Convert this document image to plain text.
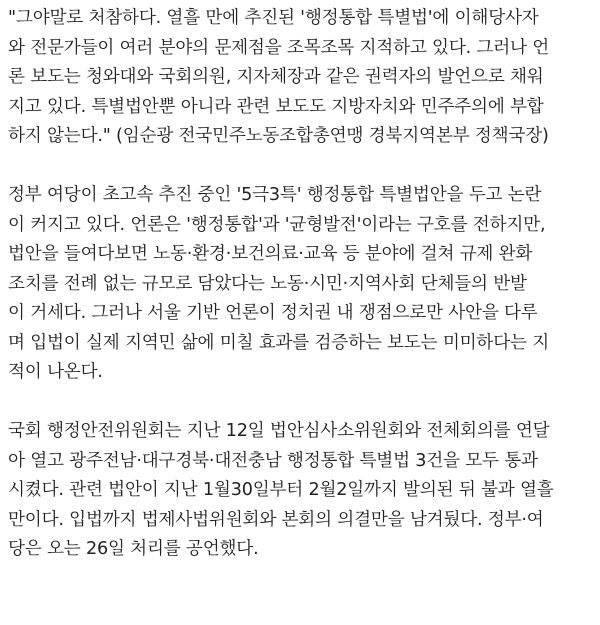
"그야말로 처참하다. 열흘 만에 추진된 '행정통합 특별법'에 이해당사자
와 전문가들이 여러 분야의 문제점을 조목조목 지적하고 있다. 그러나 언
론 보도는 청와대와 국회의원, 지자체장과 같은 권력자의 발언으로 채워
지고 있다. 특별법안뿐 아니라 관련 보도도 지방자치와 민주주의에 부합
하지 않는다." (임순광 전국민주노동조합총연맹 경북지역본부 정책국장)
정부 여당이 초고속 추진 중인 '5극3특' 행정통합 특별법안을 두고 논란
이 커지고 있다. 언론은 '행정통합'과 '균형발전'이라는 구호를 전하지만,
법안을 들여다보면 노동·환경·보건의료·교육 등 분야에 걸쳐 규제 완화
조치를 전례 없는 규모로 담았다는 노동·시민·지역사회 단체들의 반발
이 거세다. 그러나 서울 기반 언론이 정치권 내 쟁점으로만 사안을 다루
며 입법이 실제 지역민 삶에 미칠 효과를 검증하는 보도는 미미하다는 지
적이 나온다.
국회 행정안전위원회는 지난 12일 법안심사소위원회와 전체회의를 연달
아 열고 광주전남·대구경북·대전충남 행정통합 특별법 3건을 모두 통과
시켰다. 관련 법안이 지난 1월30일부터 2월2일까지 발의된 뒤 불과 열흘
만이다. 입법까지 법제사법위원회와 본회의 의결만을 남겨뒀다. 정부·여
당은 오는 26일 처리를 공언했다.
